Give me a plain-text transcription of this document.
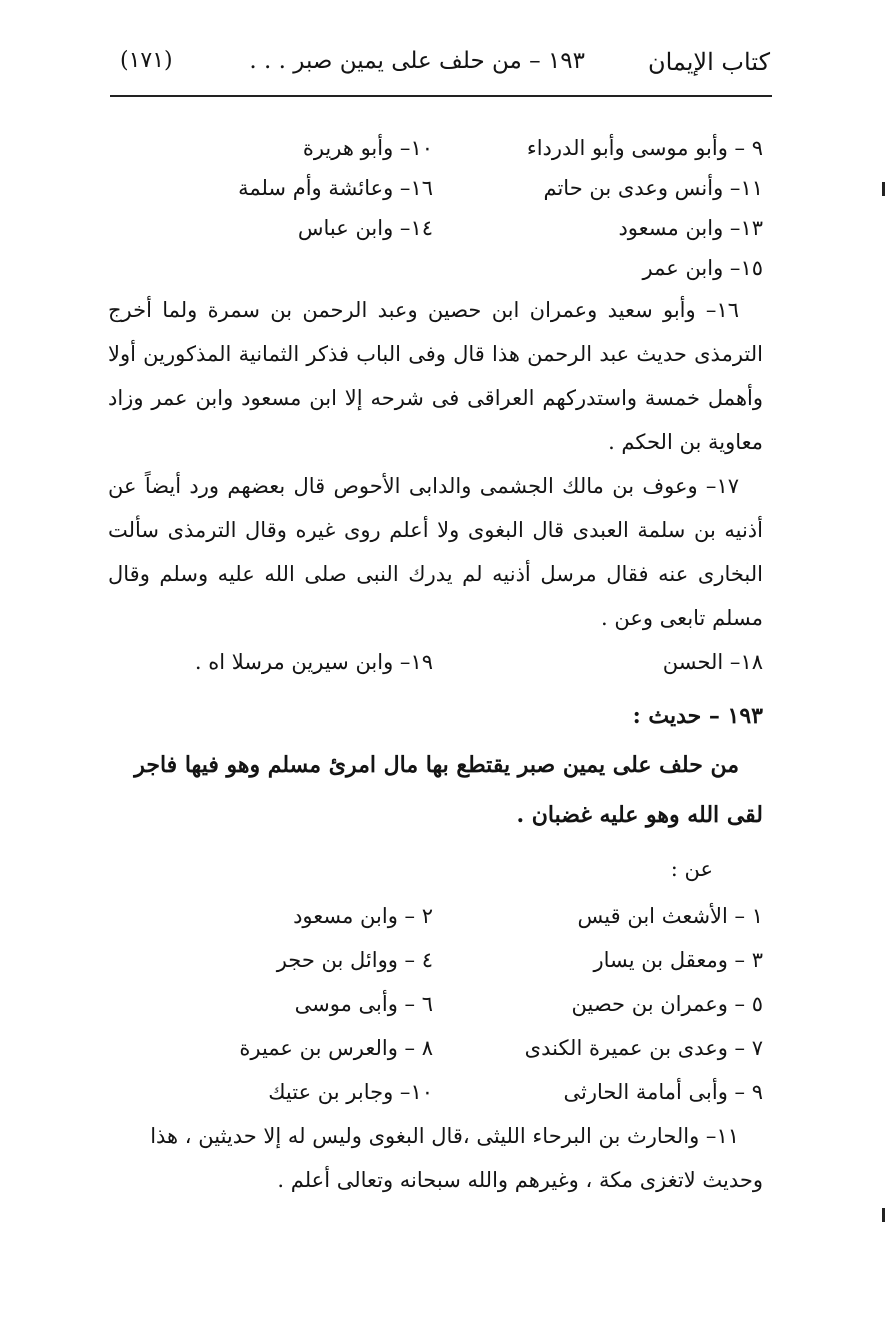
كتاب الإيمان
١٩٣ – من حلف على يمين صبر . . .
(١٧١)
٩ – وأبو موسى وأبو الدرداء
١٠– وأبو هريرة
١١– وأنس وعدى بن حاتم
١٦– وعائشة وأم سلمة
١٣– وابن مسعود
١٤– وابن عباس
١٥– وابن عمر

١٦– وأبو سعيد وعمران ابن حصين وعبد الرحمن بن سمرة ولما أخرج الترمذى حديث عبد الرحمن هذا قال وفى الباب فذكر الثمانية المذكورين أولا وأهمل خمسة واستدركهم العراقى فى شرحه إلا ابن مسعود وابن عمر وزاد معاوية بن الحكم .

١٧– وعوف بن مالك الجشمى والدابى الأحوص قال بعضهم ورد أيضاً عن أذنيه بن سلمة العبدى قال البغوى ولا أعلم روى غيره وقال الترمذى سألت البخارى عنه فقال مرسل أذنيه لم يدرك النبى صلى الله عليه وسلم وقال مسلم تابعى وعن .

١٨– الحسن
١٩– وابن سيرين مرسلا اه .
١٩٣ – حديث :

من حلف على يمين صبر يقتطع بها مال امرئ مسلم وهو فيها فاجر لقى الله وهو عليه غضبان .

عن :
١ – الأشعث ابن قيس
٢ – وابن مسعود
٣ – ومعقل بن يسار
٤ – ووائل بن حجر
٥ – وعمران بن حصين
٦ – وأبى موسى
٧ – وعدى بن عميرة الكندى
٨ – والعرس بن عميرة
٩ – وأبى أمامة الحارثى
١٠– وجابر بن عتيك

١١– والحارث بن البرحاء الليثى ،قال البغوى وليس له إلا حديثين ، هذا وحديث لاتغزى مكة ، وغيرهم والله سبحانه وتعالى أعلم .
